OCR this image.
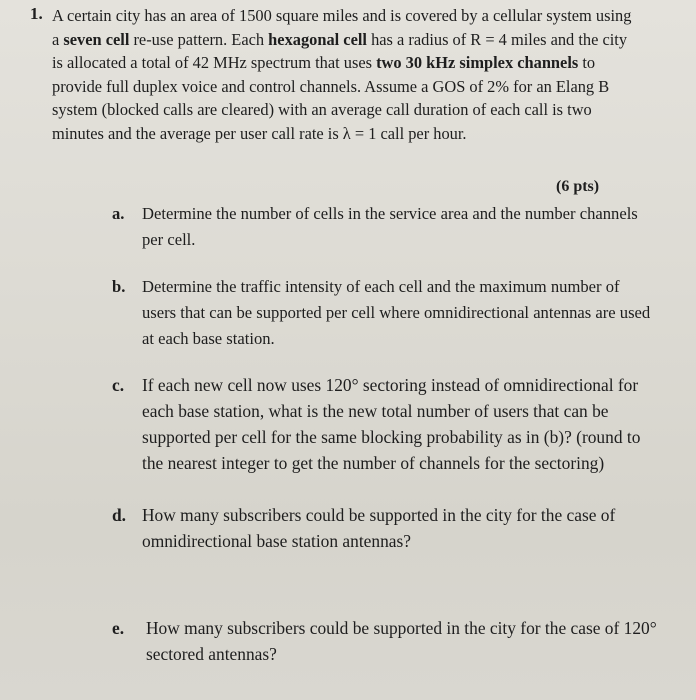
1. A certain city has an area of 1500 square miles and is covered by a cellular system using a seven cell re-use pattern. Each hexagonal cell has a radius of R = 4 miles and the city is allocated a total of 42 MHz spectrum that uses two 30 kHz simplex channels to provide full duplex voice and control channels. Assume a GOS of 2% for an Elang B system (blocked calls are cleared) with an average call duration of each call is two minutes and the average per user call rate is λ = 1 call per hour.
(6 pts)
a. Determine the number of cells in the service area and the number channels per cell.
b. Determine the traffic intensity of each cell and the maximum number of users that can be supported per cell where omnidirectional antennas are used at each base station.
c. If each new cell now uses 120° sectoring instead of omnidirectional for each base station, what is the new total number of users that can be supported per cell for the same blocking probability as in (b)? (round to the nearest integer to get the number of channels for the sectoring)
d. How many subscribers could be supported in the city for the case of omnidirectional base station antennas?
e. How many subscribers could be supported in the city for the case of 120° sectored antennas?
